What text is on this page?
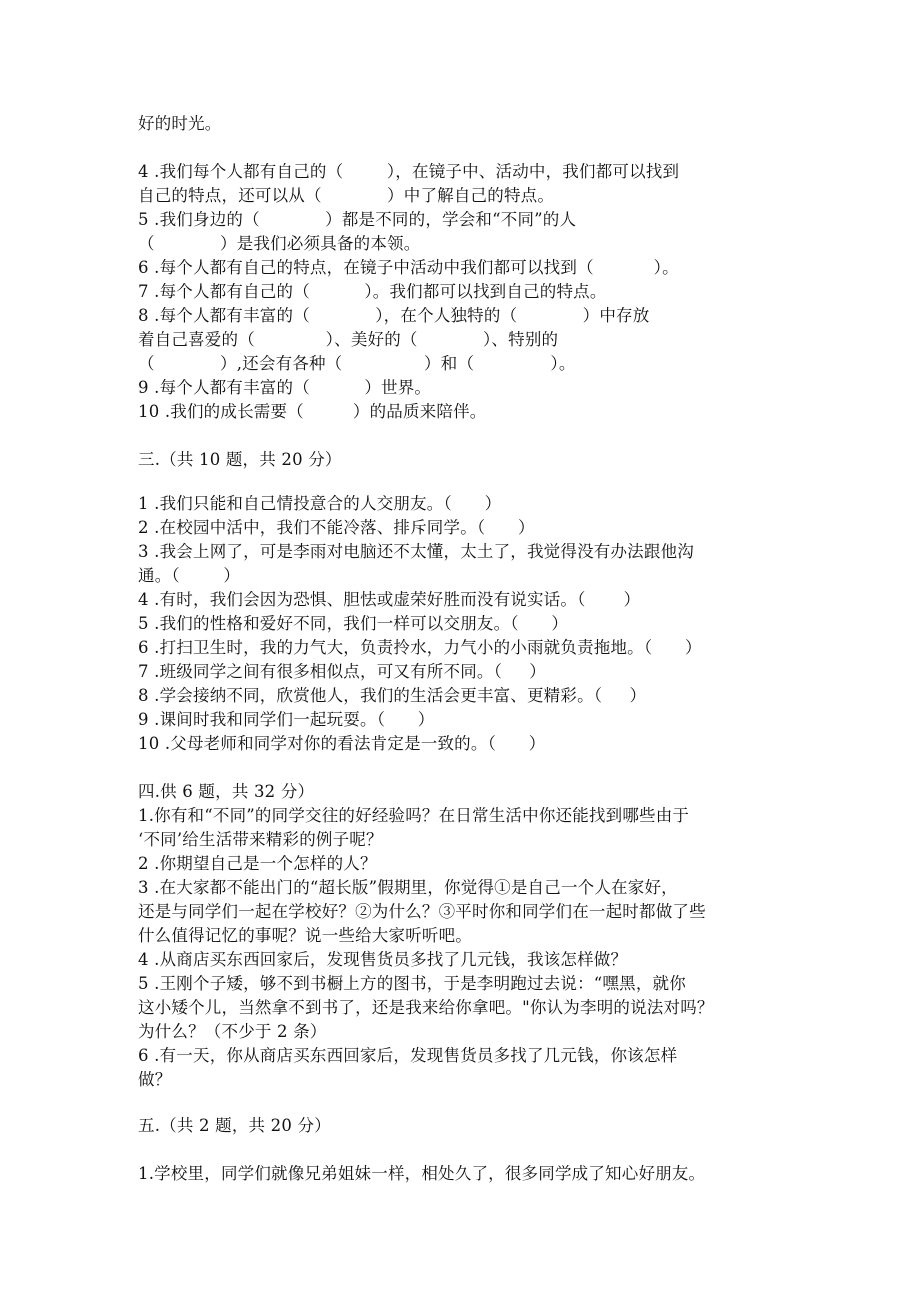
好的时光。
4 .我们每个人都有自己的（        ），在镜子中、活动中，我们都可以找到
自己的特点，还可以从（            ）中了解自己的特点。
5 .我们身边的（            ）都是不同的，学会和“不同”的人
（            ）是我们必须具备的本领。
6 .每个人都有自己的特点，在镜子中活动中我们都可以找到（           ）。
7 .每个人都有自己的（          ）。我们都可以找到自己的特点。
8 .每个人都有丰富的（            ），在个人独特的（            ）中存放
着自己喜爱的（             ）、美好的（            ）、特别的
（            ）,还会有各种（               ）和（              ）。
9 .每个人都有丰富的（          ）世界。
10 .我们的成长需要（         ）的品质来陪伴。
三.（共 10 题，共 20 分）
1 .我们只能和自己情投意合的人交朋友。（      ）
2 .在校园中活中，我们不能冷落、排斥同学。（      ）
3 .我会上网了，可是李雨对电脑还不太懂，太土了，我觉得没有办法跟他沟
通。（        ）
4 .有时，我们会因为恐惧、胆怯或虚荣好胜而没有说实话。（       ）
5 .我们的性格和爱好不同，我们一样可以交朋友。（      ）
6 .打扫卫生时，我的力气大，负责拎水，力气小的小雨就负责拖地。（      ）
7 .班级同学之间有很多相似点，可又有所不同。（     ）
8 .学会接纳不同，欣赏他人，我们的生活会更丰富、更精彩。（     ）
9 .课间时我和同学们一起玩耍。（      ）
10 .父母老师和同学对你的看法肯定是一致的。（      ）
四.供 6 题，共 32 分）
1.你有和“不同”的同学交往的好经验吗？在日常生活中你还能找到哪些由于
‘不同’给生活带来精彩的例子呢？
2 .你期望自己是一个怎样的人？
3 .在大家都不能出门的“超长版”假期里，你觉得①是自己一个人在家好，
还是与同学们一起在学校好？②为什么？③平时你和同学们在一起时都做了些
什么值得记忆的事呢？说一些给大家听听吧。
4 .从商店买东西回家后，发现售货员多找了几元钱，我该怎样做？
5 .王刚个子矮，够不到书橱上方的图书，于是李明跑过去说：“嘿黑，就你
这小矮个儿，当然拿不到书了，还是我来给你拿吧。"你认为李明的说法对吗？
为什么？（不少于 2 条）
6 .有一天，你从商店买东西回家后，发现售货员多找了几元钱，你该怎样
做？
五.（共 2 题，共 20 分）
1.学校里，同学们就像兄弟姐妹一样，相处久了，很多同学成了知心好朋友。
